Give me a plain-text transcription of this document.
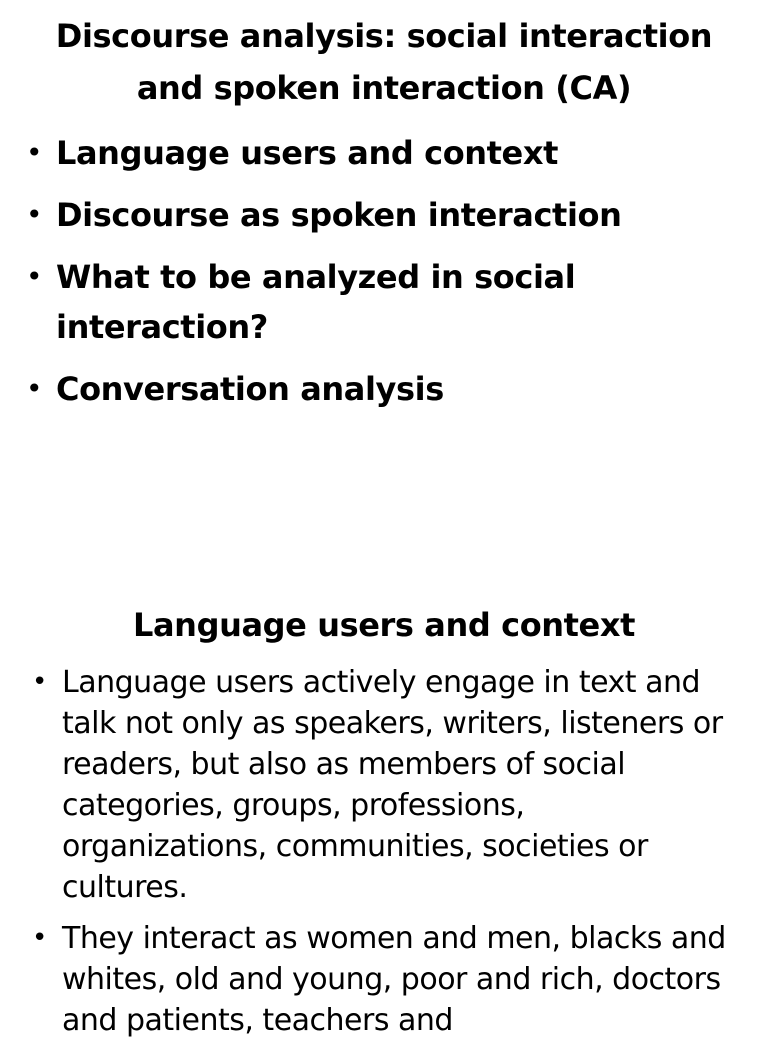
Discourse analysis: social interaction
and spoken interaction (CA)
• Language users and context
• Discourse as spoken interaction
• What to be analyzed in social interaction?
• Conversation analysis
Language users and context
• Language users actively engage in text and talk not only as speakers, writers, listeners or readers, but also as members of social categories, groups, professions, organizations, communities, societies or cultures.
• They interact as women and men, blacks and whites, old and young, poor and rich, doctors and patients, teachers and
